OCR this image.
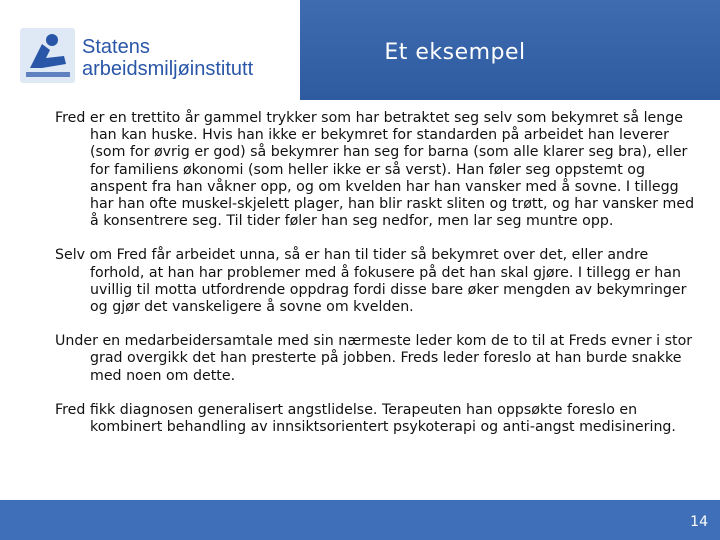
Statens
arbeidsmiljøinstitutt
Et eksempel

Fred er en trettito år gammel trykker som har betraktet seg selv som bekymret så lenge han kan huske. Hvis han ikke er bekymret for standarden på arbeidet han leverer (som for øvrig er god) så bekymrer han seg for barna (som alle klarer seg bra), eller for familiens økonomi (som heller ikke er så verst). Han føler seg oppstemt og anspent fra han våkner opp, og om kvelden har han vansker med å sovne. I tillegg har han ofte muskel-skjelett plager, han blir raskt sliten og trøtt, og har vansker med å konsentrere seg. Til tider føler han seg nedfor, men lar seg muntre opp.

Selv om Fred får arbeidet unna, så er han til tider så bekymret over det, eller andre forhold, at han har problemer med å fokusere på det han skal gjøre. I tillegg er han uvillig til motta utfordrende oppdrag fordi disse bare øker mengden av bekymringer og gjør det vanskeligere å sovne om kvelden.

Under en medarbeidersamtale med sin nærmeste leder kom de to til at Freds evner i stor grad overgikk det han presterte på jobben. Freds leder foreslo at han burde snakke med noen om dette.

Fred fikk diagnosen generalisert angstlidelse. Terapeuten han oppsøkte foreslo en kombinert behandling av innsiktsorientert psykoterapi og anti-angst medisinering.

14
